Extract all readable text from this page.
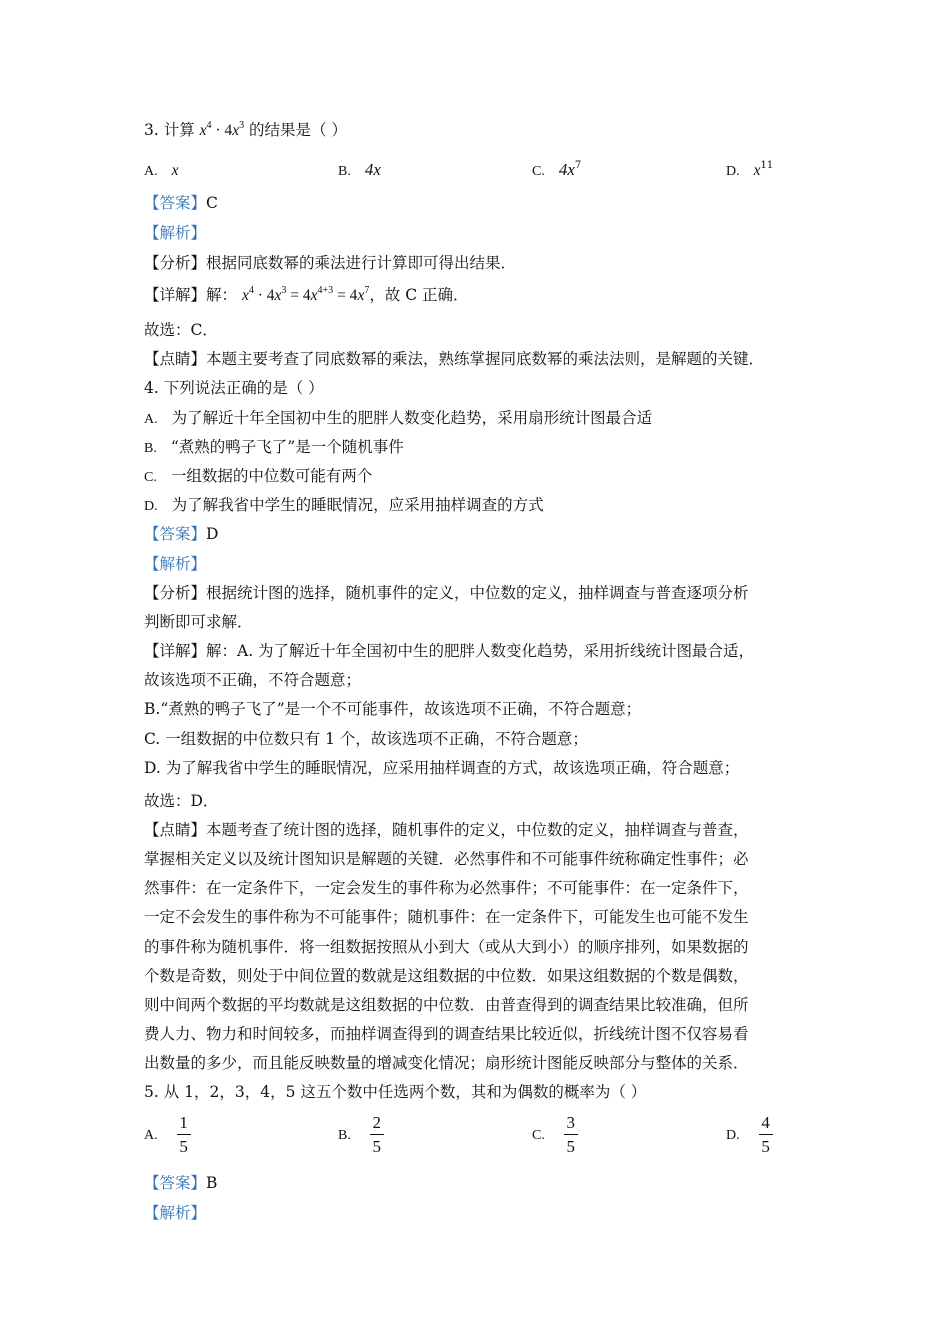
3. 计算 $x^4 \cdot 4x^3$ 的结果是（ ）
A. x	B. 4x	C. $4x^7$	D. $x^{11}$
【答案】C
【解析】
【分析】根据同底数幂的乘法进行计算即可得出结果．
【详解】解： $x^4 \cdot 4x^3 = 4x^{4+3} = 4x^7$，故 C 正确．
故选：C．
【点睛】本题主要考查了同底数幂的乘法，熟练掌握同底数幂的乘法法则，是解题的关键．
4. 下列说法正确的是（ ）
A. 为了解近十年全国初中生的肥胖人数变化趋势，采用扇形统计图最合适
B. “煮熟的鸭子飞了”是一个随机事件
C. 一组数据的中位数可能有两个
D. 为了解我省中学生的睡眠情况，应采用抽样调查的方式
【答案】D
【解析】
【分析】根据统计图的选择，随机事件的定义，中位数的定义，抽样调查与普查逐项分析
判断即可求解．
【详解】解：A. 为了解近十年全国初中生的肥胖人数变化趋势，采用折线统计图最合适，
故该选项不正确，不符合题意；
B.“煮熟的鸭子飞了”是一个不可能事件，故该选项不正确，不符合题意；
C. 一组数据的中位数只有 1 个，故该选项不正确，不符合题意；
D. 为了解我省中学生的睡眠情况，应采用抽样调查的方式，故该选项正确，符合题意；
故选：D．
【点睛】本题考查了统计图的选择，随机事件的定义，中位数的定义，抽样调查与普查，
掌握相关定义以及统计图知识是解题的关键．必然事件和不可能事件统称确定性事件；必
然事件：在一定条件下，一定会发生的事件称为必然事件；不可能事件：在一定条件下，
一定不会发生的事件称为不可能事件；随机事件：在一定条件下，可能发生也可能不发生
的事件称为随机事件．将一组数据按照从小到大（或从大到小）的顺序排列，如果数据的
个数是奇数，则处于中间位置的数就是这组数据的中位数．如果这组数据的个数是偶数，
则中间两个数据的平均数就是这组数据的中位数．由普查得到的调查结果比较准确，但所
费人力、物力和时间较多，而抽样调查得到的调查结果比较近似，折线统计图不仅容易看
出数量的多少，而且能反映数量的增减变化情况；扇形统计图能反映部分与整体的关系．
5. 从 1，2，3，4，5 这五个数中任选两个数，其和为偶数的概率为（ ）
A. $\frac{1}{5}$	B. $\frac{2}{5}$	C. $\frac{3}{5}$	D. $\frac{4}{5}$
【答案】B
【解析】
